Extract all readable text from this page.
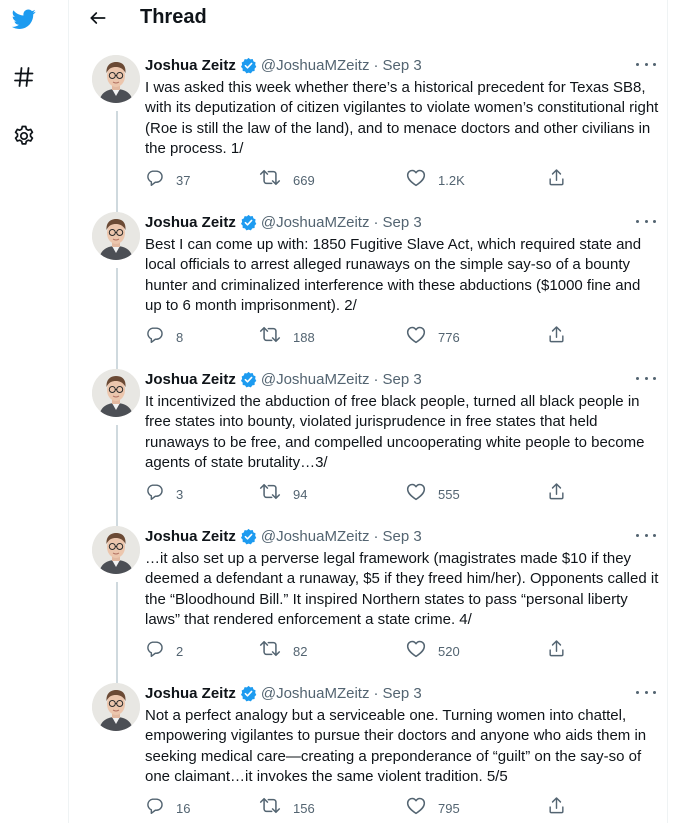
Thread
Joshua Zeitz @JoshuaMZeitz · Sep 3
I was asked this week whether there’s a historical precedent for Texas SB8, with its deputization of citizen vigilantes to violate women’s constitutional right (Roe is still the law of the land), and to menace doctors and other civilians in the process. 1/
37	669	1.2K
Joshua Zeitz @JoshuaMZeitz · Sep 3
Best I can come up with: 1850 Fugitive Slave Act, which required state and local officials to arrest alleged runaways on the simple say-so of a bounty hunter and criminalized interference with these abductions ($1000 fine and up to 6 month imprisonment). 2/
8	188	776
Joshua Zeitz @JoshuaMZeitz · Sep 3
It incentivized the abduction of free black people, turned all black people in free states into bounty, violated jurisprudence in free states that held runaways to be free, and compelled uncooperating white people to become agents of state brutality…3/
3	94	555
Joshua Zeitz @JoshuaMZeitz · Sep 3
…it also set up a perverse legal framework (magistrates made $10 if they deemed a defendant a runaway, $5 if they freed him/her). Opponents called it the “Bloodhound Bill.” It inspired Northern states to pass “personal liberty laws” that rendered enforcement a state crime. 4/
2	82	520
Joshua Zeitz @JoshuaMZeitz · Sep 3
Not a perfect analogy but a serviceable one. Turning women into chattel, empowering vigilantes to pursue their doctors and anyone who aids them in seeking medical care—creating a preponderance of “guilt” on the say-so of one claimant…it invokes the same violent tradition. 5/5
16	156	795
